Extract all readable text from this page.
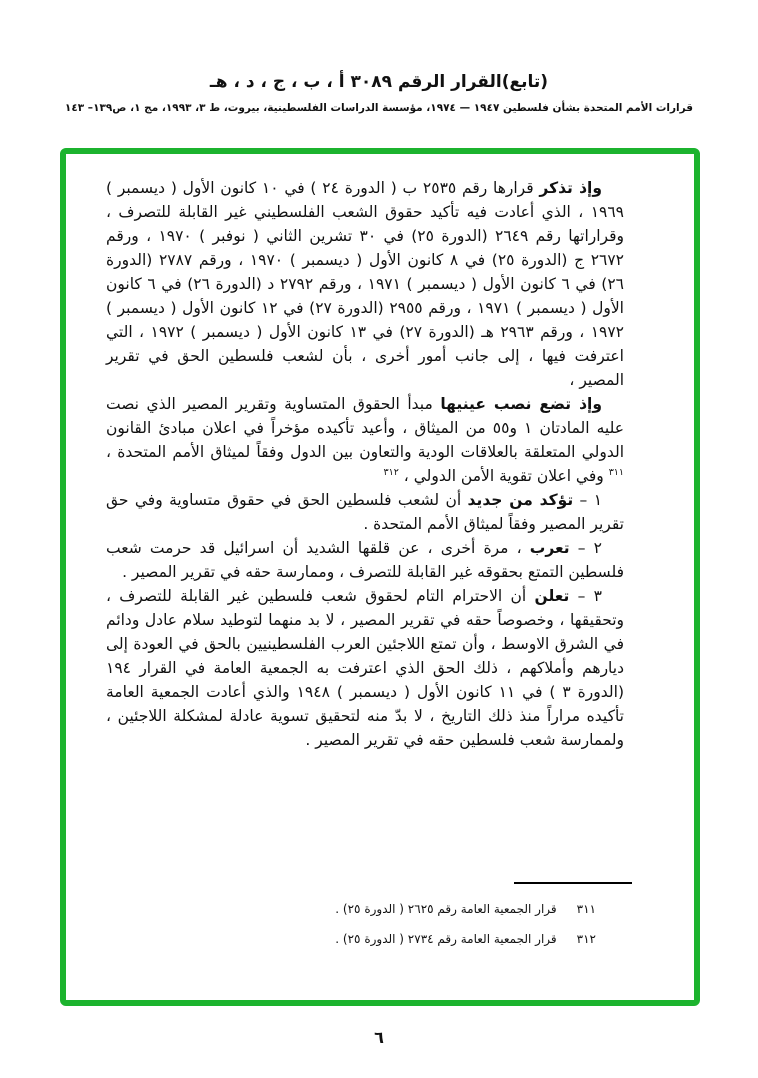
(تابع)القرار الرقم ٣٠٨٩ أ ، ب ، ج ، د ، هـ
قرارات الأمم المتحدة بشأن فلسطين ١٩٤٧ — ١٩٧٤، مؤسسة الدراسات الفلسطينية، بيروت، ط ٣، ١٩٩٣، مج ١، ص١٣٩– ١٤٣

وإذ تذكر قرارها رقم ٢٥٣٥ ب ( الدورة ٢٤ ) في ١٠ كانون الأول ( ديسمبر ) ١٩٦٩ ، الذي أعادت فيه تأكيد حقوق الشعب الفلسطيني غير القابلة للتصرف ، وقراراتها رقم ٢٦٤٩ (الدورة ٢٥) في ٣٠ تشرين الثاني ( نوفبر ) ١٩٧٠ ، ورقم ٢٦٧٢ ج (الدورة ٢٥) في ٨ كانون الأول ( ديسمبر ) ١٩٧٠ ، ورقم ٢٧٨٧ (الدورة ٢٦) في ٦ كانون الأول ( ديسمبر ) ١٩٧١ ، ورقم ٢٧٩٢ د (الدورة ٢٦) في ٦ كانون الأول ( ديسمبر ) ١٩٧١ ، ورقم ٢٩٥٥ (الدورة ٢٧) في ١٢ كانون الأول ( ديسمبر ) ١٩٧٢ ، ورقم ٢٩٦٣ هـ (الدورة ٢٧) في ١٣ كانون الأول ( ديسمبر ) ١٩٧٢ ، التي اعترفت فيها ، إلى جانب أمور أخرى ، بأن لشعب فلسطين الحق في تقرير المصير ،

وإذ تضع نصب عينيها مبدأ الحقوق المتساوية وتقرير المصير الذي نصت عليه المادتان ١ و٥٥ من الميثاق ، وأعيد تأكيده مؤخراً في اعلان مبادئ القانون الدولي المتعلقة بالعلاقات الودية والتعاون بين الدول وفقاً لميثاق الأمم المتحدة ، $^{٣١١}$ وفي اعلان تقوية الأمن الدولي ، $^{٣١٢}$

١ – تؤكد من جديد أن لشعب فلسطين الحق في حقوق متساوية وفي حق تقرير المصير وفقاً لميثاق الأمم المتحدة .

٢ – تعرب ، مرة أخرى ، عن قلقها الشديد أن اسرائيل قد حرمت شعب فلسطين التمتع بحقوقه غير القابلة للتصرف ، وممارسة حقه في تقرير المصير .

٣ – تعلن أن الاحترام التام لحقوق شعب فلسطين غير القابلة للتصرف ، وتحقيقها ، وخصوصاً حقه في تقرير المصير ، لا بد منهما لتوطيد سلام عادل ودائم في الشرق الاوسط ، وأن تمتع اللاجئين العرب الفلسطينيين بالحق في العودة إلى ديارهم وأملاكهم ، ذلك الحق الذي اعترفت به الجمعية العامة في القرار ١٩٤ (الدورة ٣ ) في ١١ كانون الأول ( ديسمبر ) ١٩٤٨ والذي أعادت الجمعية العامة تأكيده مراراً منذ ذلك التاريخ ، لا بدّ منه لتحقيق تسوية عادلة لمشكلة اللاجئين ، ولممارسة شعب فلسطين حقه في تقرير المصير .

٣١١قرار الجمعية العامة رقم ٢٦٢٥ ( الدورة ٢٥) .
٣١٢قرار الجمعية العامة رقم ٢٧٣٤ ( الدورة ٢٥) .
٦
